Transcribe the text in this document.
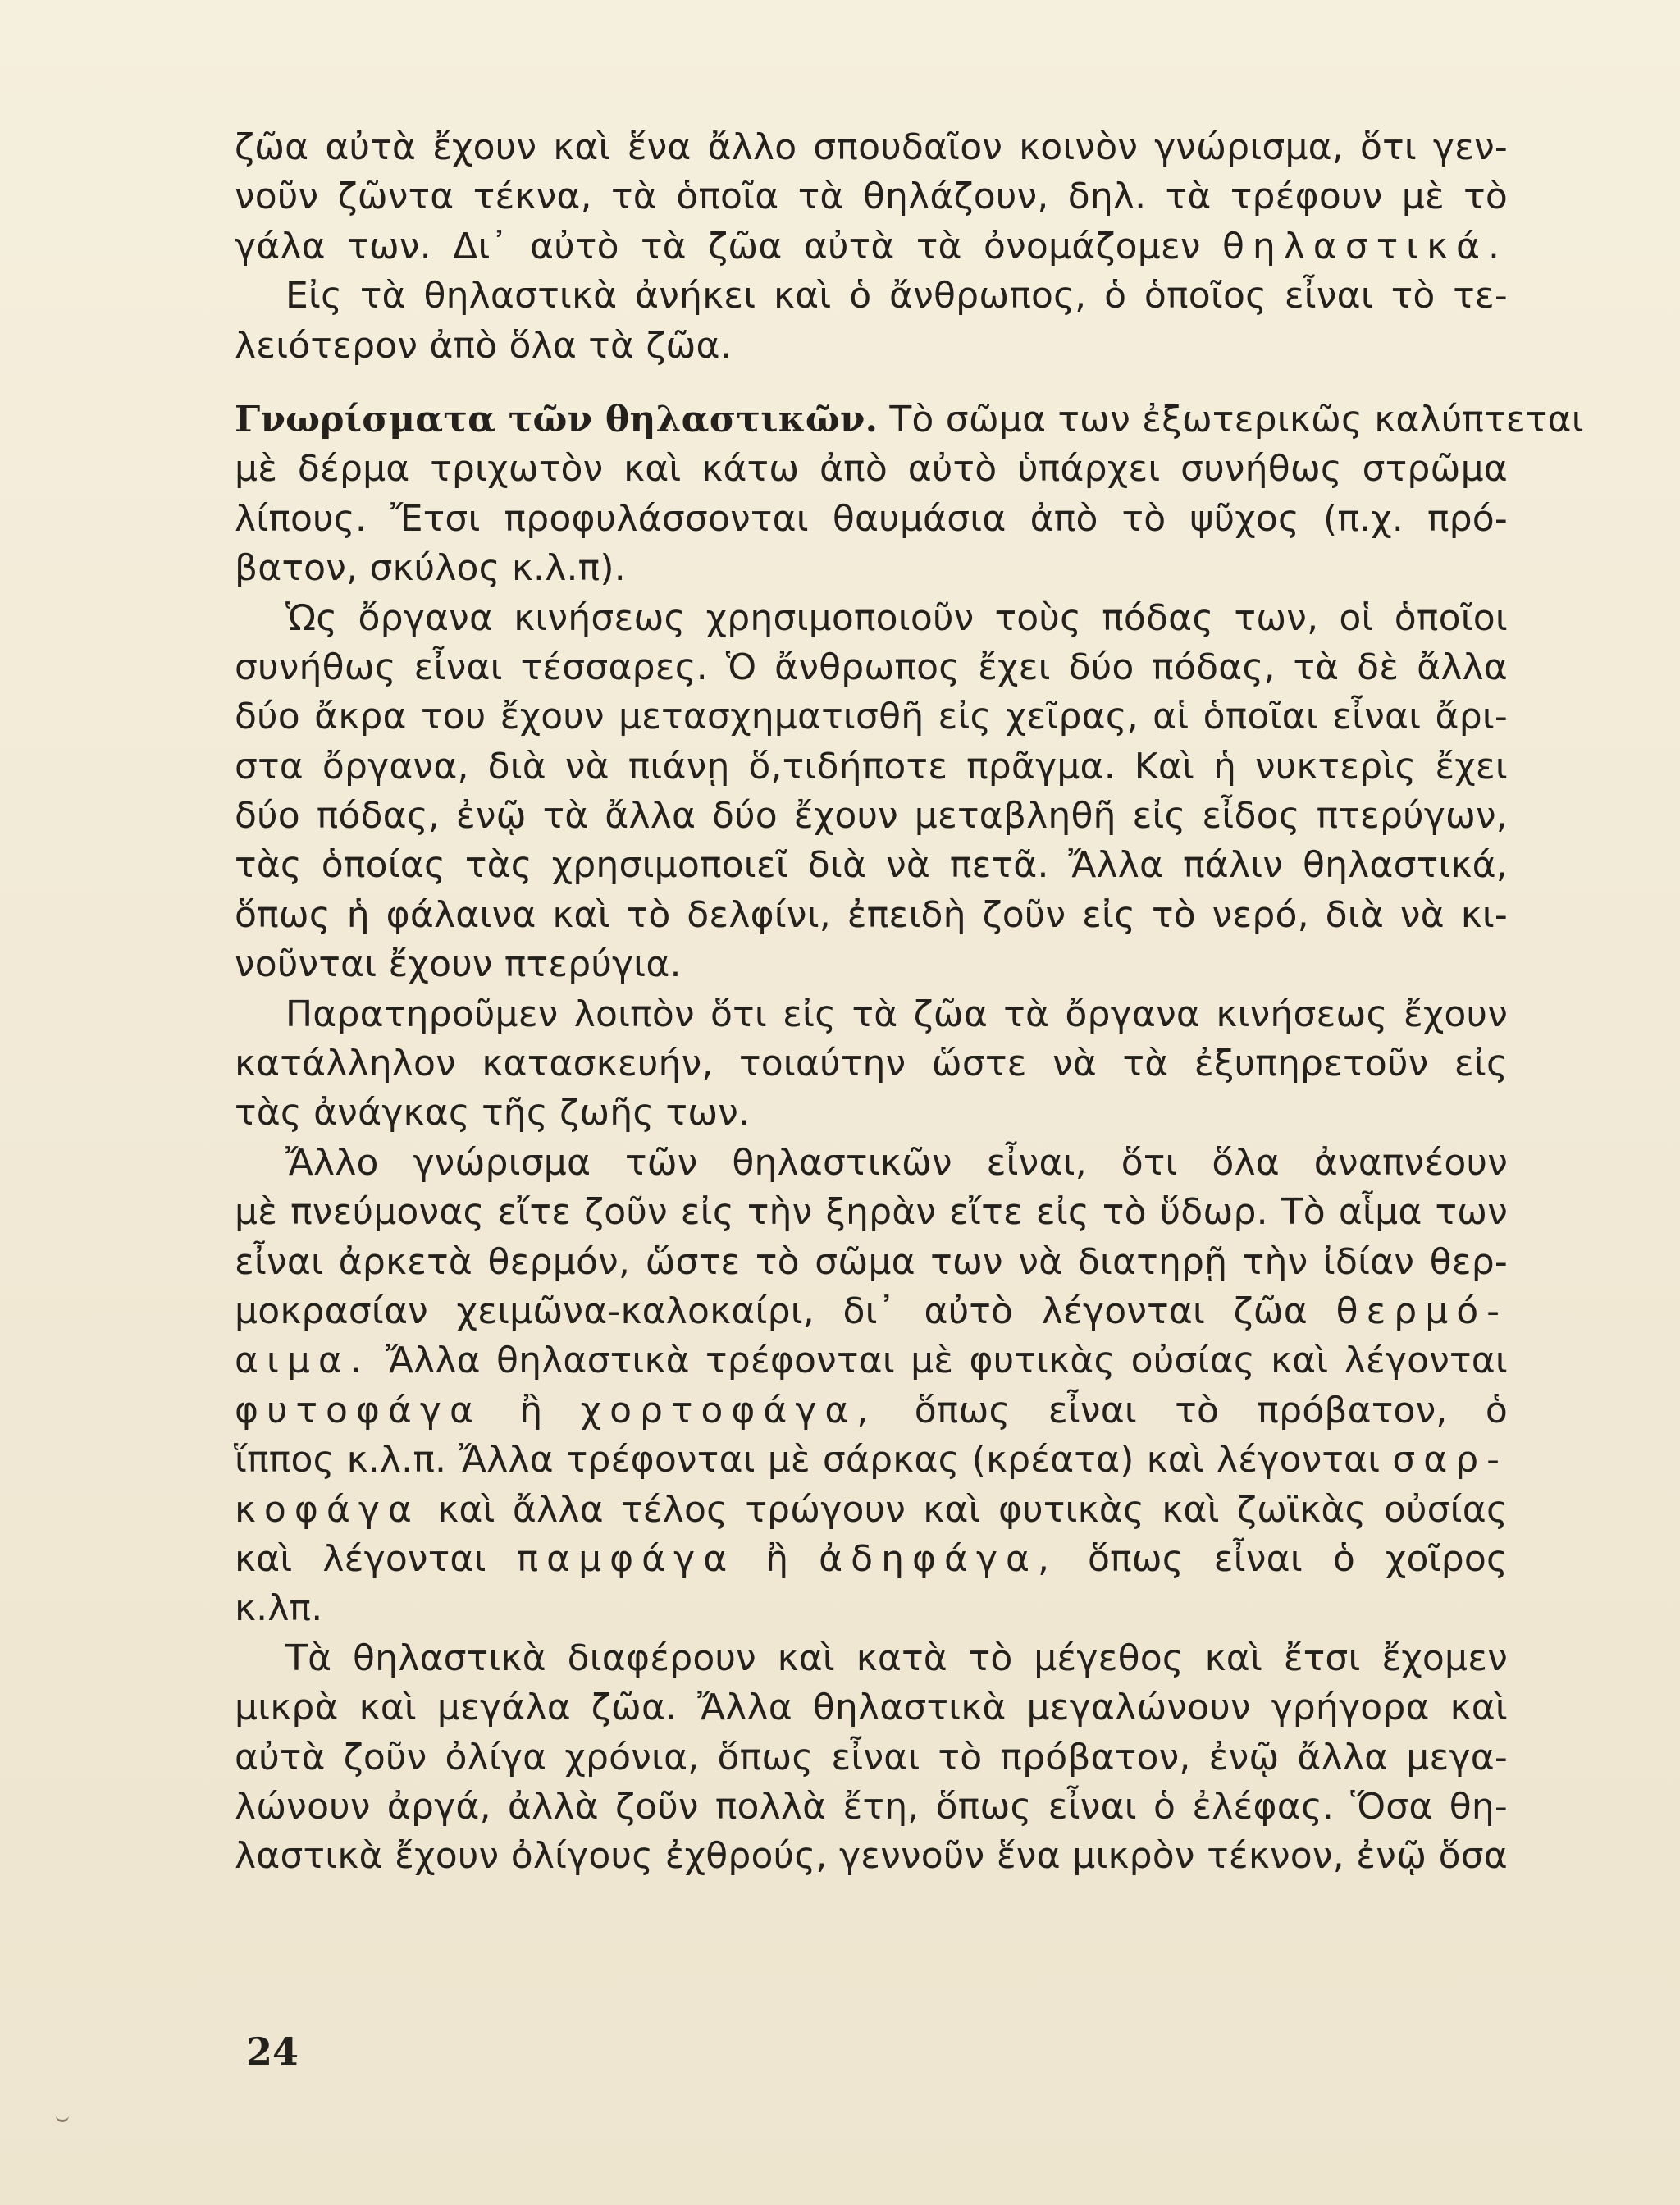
ζῶα αὐτὰ ἔχουν καὶ ἕνα ἄλλο σπουδαῖον κοινὸν γνώρισμα, ὅτι γεν-
νοῦν ζῶντα τέκνα, τὰ ὁποῖα τὰ θηλάζουν, δηλ. τὰ τρέφουν μὲ τὸ
γάλα των. Δι᾿ αὐτὸ τὰ ζῶα αὐτὰ τὰ ὀνομάζομεν θηλαστικά.
Εἰς τὰ θηλαστικὰ ἀνήκει καὶ ὁ ἄνθρωπος, ὁ ὁποῖος εἶναι τὸ τε-
λειότερον ἀπὸ ὅλα τὰ ζῶα.
Γνωρίσματα τῶν θηλαστικῶν. Τὸ σῶμα των ἐξωτερικῶς καλύπτεται
μὲ δέρμα τριχωτὸν καὶ κάτω ἀπὸ αὐτὸ ὑπάρχει συνήθως στρῶμα
λίπους. Ἔτσι προφυλάσσονται θαυμάσια ἀπὸ τὸ ψῦχος (π.χ. πρό-
βατον, σκύλος κ.λ.π).
Ὡς ὄργανα κινήσεως χρησιμοποιοῦν τοὺς πόδας των, οἱ ὁποῖοι
συνήθως εἶναι τέσσαρες. Ὁ ἄνθρωπος ἔχει δύο πόδας, τὰ δὲ ἄλλα
δύο ἄκρα του ἔχουν μετασχηματισθῆ εἰς χεῖρας, αἱ ὁποῖαι εἶναι ἄρι-
στα ὄργανα, διὰ νὰ πιάνῃ ὅ,τιδήποτε πρᾶγμα. Καὶ ἡ νυκτερὶς ἔχει
δύο πόδας, ἐνῷ τὰ ἄλλα δύο ἔχουν μεταβληθῆ εἰς εἶδος πτερύγων,
τὰς ὁποίας τὰς χρησιμοποιεῖ διὰ νὰ πετᾶ. Ἄλλα πάλιν θηλαστικά,
ὅπως ἡ φάλαινα καὶ τὸ δελφίνι, ἐπειδὴ ζοῦν εἰς τὸ νερό, διὰ νὰ κι-
νοῦνται ἔχουν πτερύγια.
Παρατηροῦμεν λοιπὸν ὅτι εἰς τὰ ζῶα τὰ ὄργανα κινήσεως ἔχουν
κατάλληλον κατασκευήν, τοιαύτην ὥστε νὰ τὰ ἐξυπηρετοῦν εἰς
τὰς ἀνάγκας τῆς ζωῆς των.
Ἄλλο γνώρισμα τῶν θηλαστικῶν εἶναι, ὅτι ὅλα ἀναπνέουν
μὲ πνεύμονας εἴτε ζοῦν εἰς τὴν ξηρὰν εἴτε εἰς τὸ ὕδωρ. Τὸ αἷμα των
εἶναι ἀρκετὰ θερμόν, ὥστε τὸ σῶμα των νὰ διατηρῇ τὴν ἰδίαν θερ-
μοκρασίαν χειμῶνα-καλοκαίρι, δι᾿ αὐτὸ λέγονται ζῶα θερμό-
αιμα. Ἄλλα θηλαστικὰ τρέφονται μὲ φυτικὰς οὐσίας καὶ λέγονται
φυτοφάγα ἢ χορτοφάγα, ὅπως εἶναι τὸ πρόβατον, ὁ
ἵππος κ.λ.π. Ἄλλα τρέφονται μὲ σάρκας (κρέατα) καὶ λέγονται σαρ-
κοφάγα καὶ ἄλλα τέλος τρώγουν καὶ φυτικὰς καὶ ζωϊκὰς οὐσίας
καὶ λέγονται παμφάγα ἢ ἀδηφάγα, ὅπως εἶναι ὁ χοῖρος
κ.λπ.
Τὰ θηλαστικὰ διαφέρουν καὶ κατὰ τὸ μέγεθος καὶ ἔτσι ἔχομεν
μικρὰ καὶ μεγάλα ζῶα. Ἄλλα θηλαστικὰ μεγαλώνουν γρήγορα καὶ
αὐτὰ ζοῦν ὀλίγα χρόνια, ὅπως εἶναι τὸ πρόβατον, ἐνῷ ἄλλα μεγα-
λώνουν ἀργά, ἀλλὰ ζοῦν πολλὰ ἔτη, ὅπως εἶναι ὁ ἐλέφας. Ὅσα θη-
λαστικὰ ἔχουν ὀλίγους ἐχθρούς, γεννοῦν ἕνα μικρὸν τέκνον, ἐνῷ ὅσα
24
